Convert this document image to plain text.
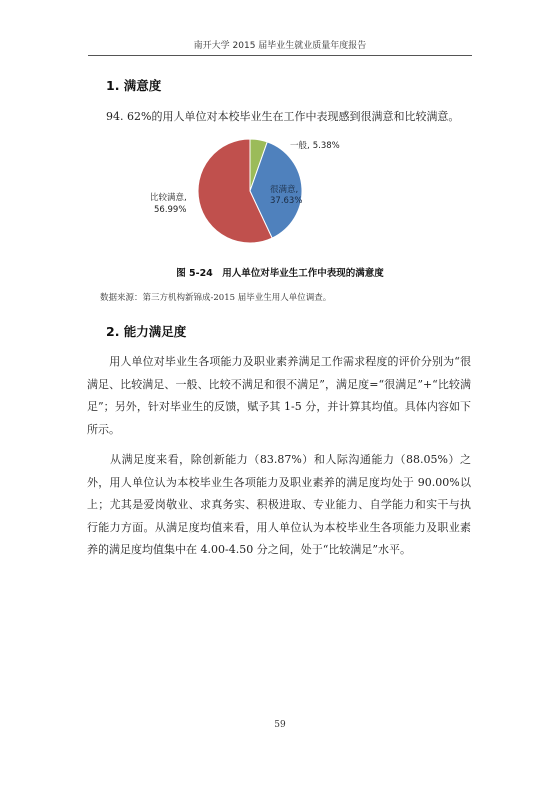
南开大学 2015 届毕业生就业质量年度报告
1. 满意度
94. 62%的用人单位对本校毕业生在工作中表现感到很满意和比较满意。
很满意,
37.63%
比较满意,
56.99%
一般, 5.38%
图 5-24　用人单位对毕业生工作中表现的满意度
数据来源：第三方机构新锦成-2015 届毕业生用人单位调查。
2. 能力满足度

　　用人单位对毕业生各项能力及职业素养满足工作需求程度的评价分别为“很满足、比较满足、一般、比较不满足和很不满足”，满足度=“很满足”+“比较满足”；另外，针对毕业生的反馈，赋予其 1-5 分，并计算其均值。具体内容如下所示。

　　从满足度来看，除创新能力（83.87%）和人际沟通能力（88.05%）之外，用人单位认为本校毕业生各项能力及职业素养的满足度均处于 90.00%以上；尤其是爱岗敬业、求真务实、积极进取、专业能力、自学能力和实干与执行能力方面。从满足度均值来看，用人单位认为本校毕业生各项能力及职业素养的满足度均值集中在 4.00-4.50 分之间，处于“比较满足”水平。

59
